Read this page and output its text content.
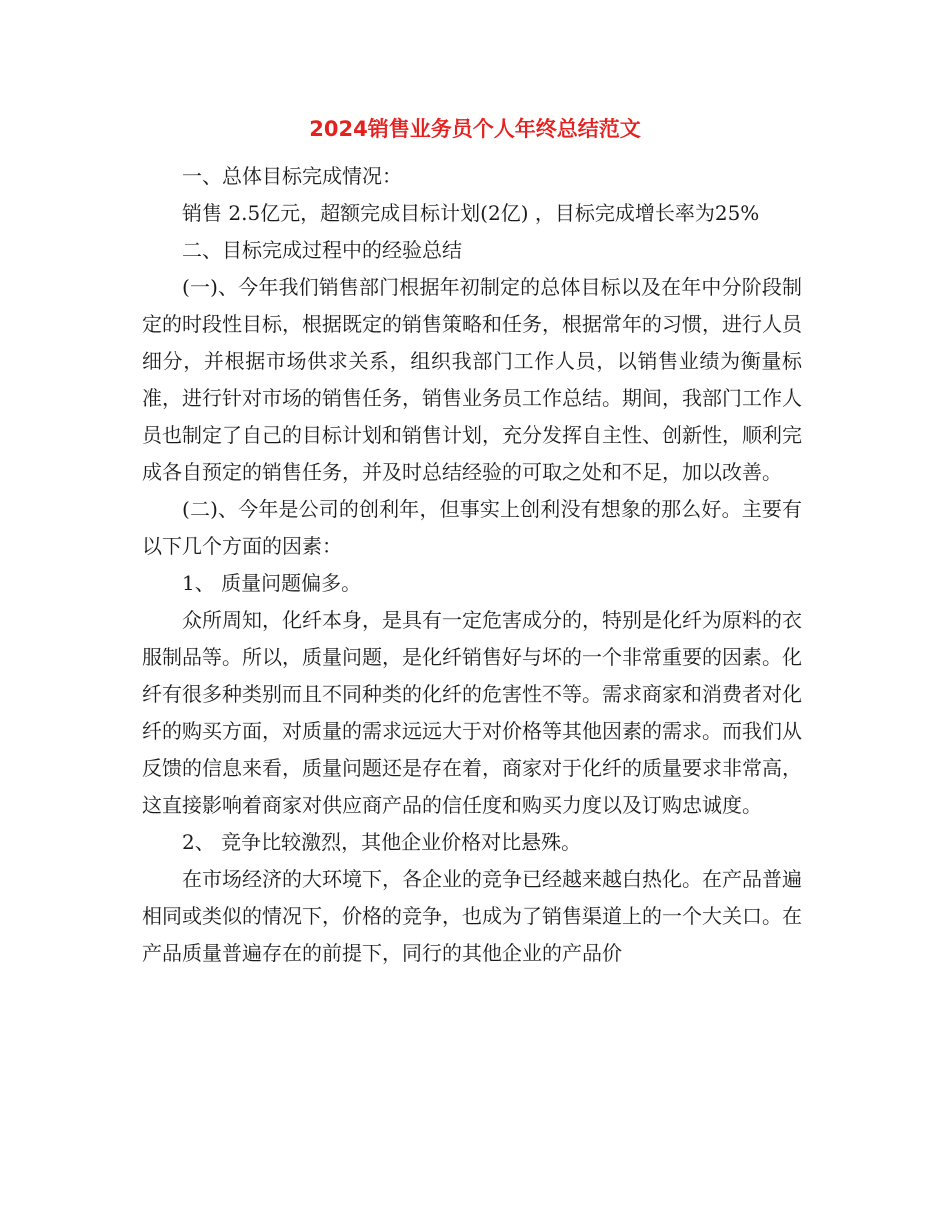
2024销售业务员个人年终总结范文

一、总体目标完成情况：

销售 2.5亿元，超额完成目标计划(2亿) ，目标完成增长率为25%

二、目标完成过程中的经验总结

(一)、今年我们销售部门根据年初制定的总体目标以及在年中分阶段制定的时段性目标，根据既定的销售策略和任务，根据常年的习惯，进行人员细分，并根据市场供求关系，组织我部门工作人员，以销售业绩为衡量标准，进行针对市场的销售任务，销售业务员工作总结。期间，我部门工作人员也制定了自己的目标计划和销售计划，充分发挥自主性、创新性，顺利完成各自预定的销售任务，并及时总结经验的可取之处和不足，加以改善。

(二)、今年是公司的创利年，但事实上创利没有想象的那么好。主要有以下几个方面的因素：

1、 质量问题偏多。

众所周知，化纤本身，是具有一定危害成分的，特别是化纤为原料的衣服制品等。所以，质量问题，是化纤销售好与坏的一个非常重要的因素。化纤有很多种类别而且不同种类的化纤的危害性不等。需求商家和消费者对化纤的购买方面，对质量的需求远远大于对价格等其他因素的需求。而我们从反馈的信息来看，质量问题还是存在着，商家对于化纤的质量要求非常高，这直接影响着商家对供应商产品的信任度和购买力度以及订购忠诚度。

2、 竞争比较激烈，其他企业价格对比悬殊。

在市场经济的大环境下，各企业的竞争已经越来越白热化。在产品普遍相同或类似的情况下，价格的竞争，也成为了销售渠道上的一个大关口。在产品质量普遍存在的前提下，同行的其他企业的产品价
